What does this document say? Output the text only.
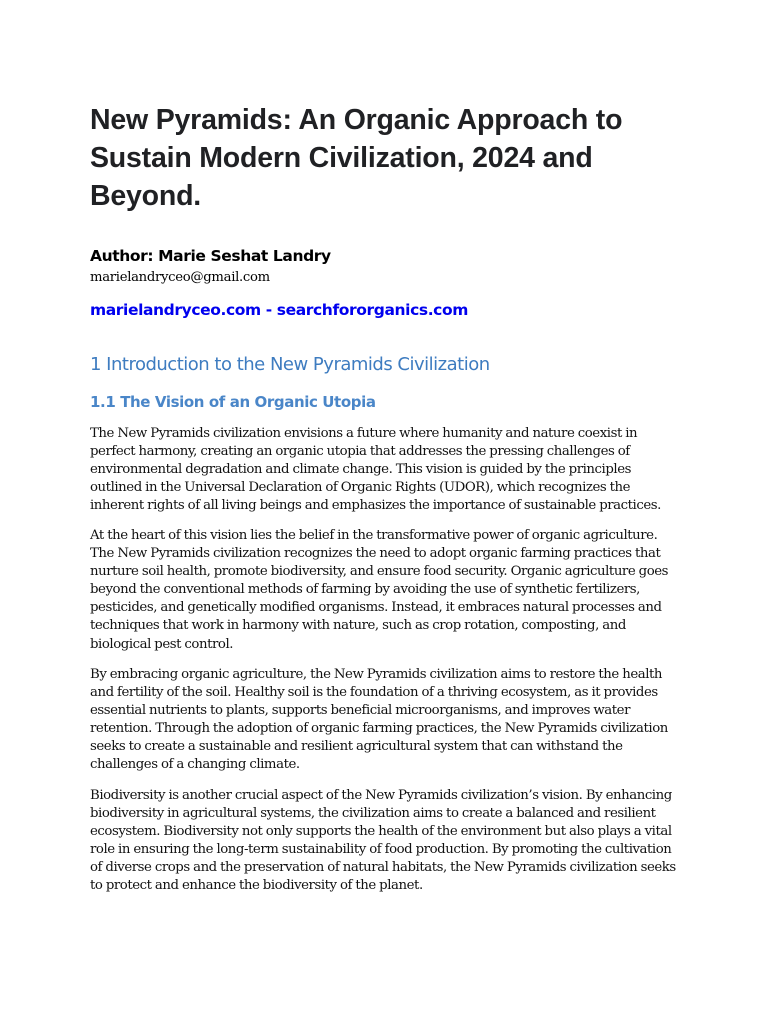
New Pyramids: An Organic Approach to Sustain Modern Civilization, 2024 and Beyond.

Author: Marie Seshat Landry

marielandryceo@gmail.com

marielandryceo.com - searchfororganics.com
1 Introduction to the New Pyramids Civilization
1.1 The Vision of an Organic Utopia

The New Pyramids civilization envisions a future where humanity and nature coexist in perfect harmony, creating an organic utopia that addresses the pressing challenges of environmental degradation and climate change. This vision is guided by the principles outlined in the Universal Declaration of Organic Rights (UDOR), which recognizes the inherent rights of all living beings and emphasizes the importance of sustainable practices.

At the heart of this vision lies the belief in the transformative power of organic agriculture. The New Pyramids civilization recognizes the need to adopt organic farming practices that nurture soil health, promote biodiversity, and ensure food security. Organic agriculture goes beyond the conventional methods of farming by avoiding the use of synthetic fertilizers, pesticides, and genetically modified organisms. Instead, it embraces natural processes and techniques that work in harmony with nature, such as crop rotation, composting, and biological pest control.

By embracing organic agriculture, the New Pyramids civilization aims to restore the health and fertility of the soil. Healthy soil is the foundation of a thriving ecosystem, as it provides essential nutrients to plants, supports beneficial microorganisms, and improves water retention. Through the adoption of organic farming practices, the New Pyramids civilization seeks to create a sustainable and resilient agricultural system that can withstand the challenges of a changing climate.

Biodiversity is another crucial aspect of the New Pyramids civilization’s vision. By enhancing biodiversity in agricultural systems, the civilization aims to create a balanced and resilient ecosystem. Biodiversity not only supports the health of the environment but also plays a vital role in ensuring the long-term sustainability of food production. By promoting the cultivation of diverse crops and the preservation of natural habitats, the New Pyramids civilization seeks to protect and enhance the biodiversity of the planet.
